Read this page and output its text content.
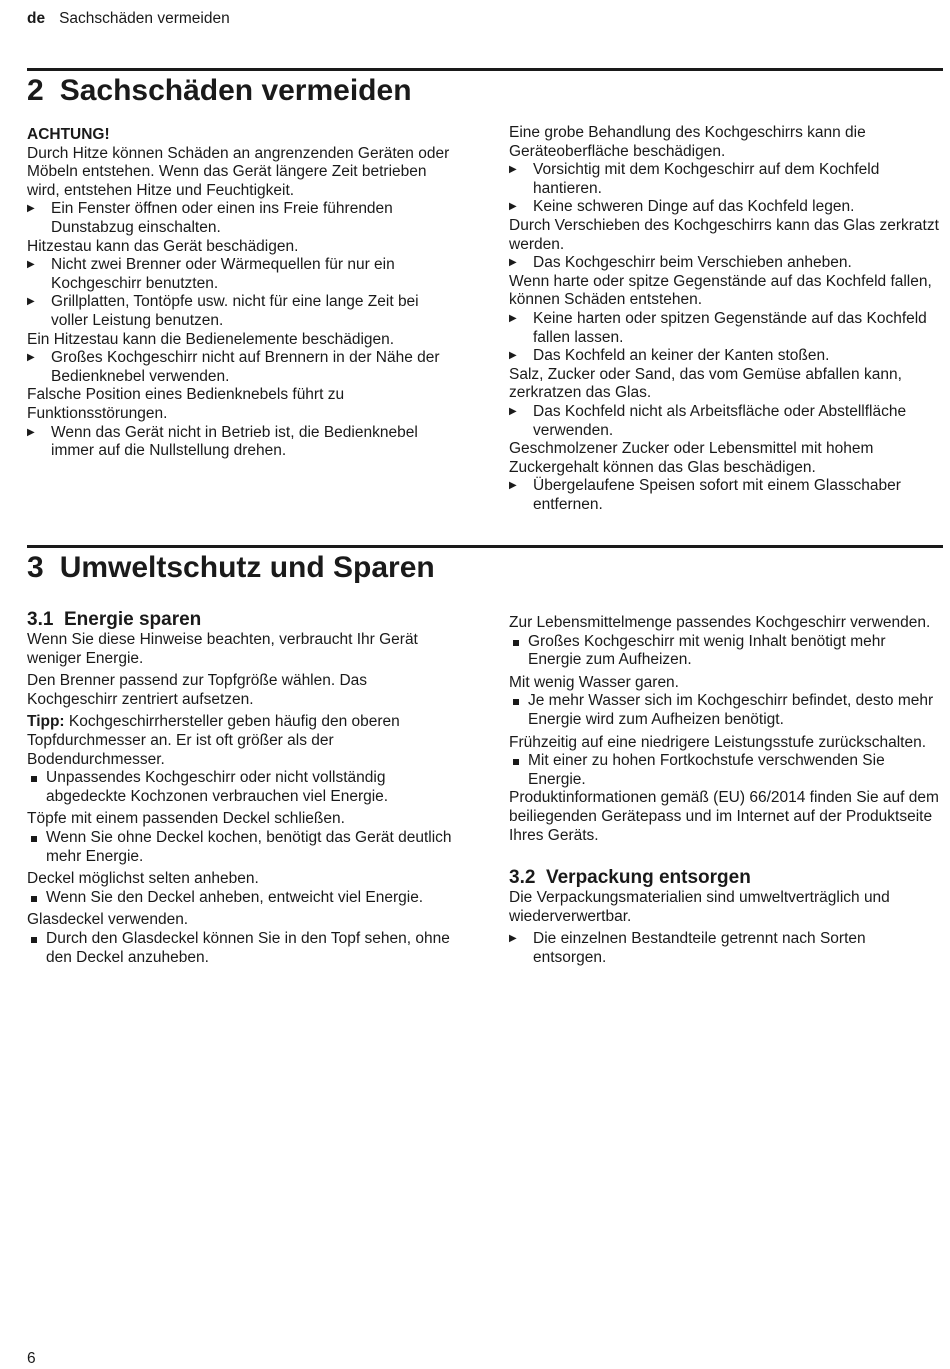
de Sachschäden vermeiden
2 Sachschäden vermeiden

ACHTUNG!

Durch Hitze können Schäden an angrenzenden Geräten oder Möbeln entstehen. Wenn das Gerät längere Zeit betrieben wird, entstehen Hitze und Feuchtigkeit.

▶ Ein Fenster öffnen oder einen ins Freie führenden Dunstabzug einschalten.

Hitzestau kann das Gerät beschädigen.

▶ Nicht zwei Brenner oder Wärmequellen für nur ein Kochgeschirr benutzten.
▶ Grillplatten, Tontöpfe usw. nicht für eine lange Zeit bei voller Leistung benutzen.

Ein Hitzestau kann die Bedienelemente beschädigen.

▶ Großes Kochgeschirr nicht auf Brennern in der Nähe der Bedienknebel verwenden.

Falsche Position eines Bedienknebels führt zu Funktionsstörungen.

▶ Wenn das Gerät nicht in Betrieb ist, die Bedienknebel immer auf die Nullstellung drehen.

Eine grobe Behandlung des Kochgeschirrs kann die Geräteoberfläche beschädigen.

▶ Vorsichtig mit dem Kochgeschirr auf dem Kochfeld hantieren.
▶ Keine schweren Dinge auf das Kochfeld legen.

Durch Verschieben des Kochgeschirrs kann das Glas zerkratzt werden.

▶ Das Kochgeschirr beim Verschieben anheben.

Wenn harte oder spitze Gegenstände auf das Kochfeld fallen, können Schäden entstehen.

▶ Keine harten oder spitzen Gegenstände auf das Kochfeld fallen lassen.
▶ Das Kochfeld an keiner der Kanten stoßen.

Salz, Zucker oder Sand, das vom Gemüse abfallen kann, zerkratzen das Glas.

▶ Das Kochfeld nicht als Arbeitsfläche oder Abstellfläche verwenden.

Geschmolzener Zucker oder Lebensmittel mit hohem Zuckergehalt können das Glas beschädigen.

▶ Übergelaufene Speisen sofort mit einem Glasschaber entfernen.
3 Umweltschutz und Sparen

3.1 Energie sparen

Wenn Sie diese Hinweise beachten, verbraucht Ihr Gerät weniger Energie.

Den Brenner passend zur Topfgröße wählen. Das Kochgeschirr zentriert aufsetzen.

Tipp: Kochgeschirrhersteller geben häufig den oberen Topfdurchmesser an. Er ist oft größer als der Bodendurchmesser.

Unpassendes Kochgeschirr oder nicht vollständig abgedeckte Kochzonen verbrauchen viel Energie.

Töpfe mit einem passenden Deckel schließen.

Wenn Sie ohne Deckel kochen, benötigt das Gerät deutlich mehr Energie.

Deckel möglichst selten anheben.

Wenn Sie den Deckel anheben, entweicht viel Energie.

Glasdeckel verwenden.

Durch den Glasdeckel können Sie in den Topf sehen, ohne den Deckel anzuheben.

Zur Lebensmittelmenge passendes Kochgeschirr verwenden.

Großes Kochgeschirr mit wenig Inhalt benötigt mehr Energie zum Aufheizen.

Mit wenig Wasser garen.

Je mehr Wasser sich im Kochgeschirr befindet, desto mehr Energie wird zum Aufheizen benötigt.

Frühzeitig auf eine niedrigere Leistungsstufe zurückschalten.

Mit einer zu hohen Fortkochstufe verschwenden Sie Energie.

Produktinformationen gemäß (EU) 66/2014 finden Sie auf dem beiliegenden Gerätepass und im Internet auf der Produktseite Ihres Geräts.

3.2 Verpackung entsorgen

Die Verpackungsmaterialien sind umweltverträglich und wiederverwertbar.

▶ Die einzelnen Bestandteile getrennt nach Sorten entsorgen.
6
